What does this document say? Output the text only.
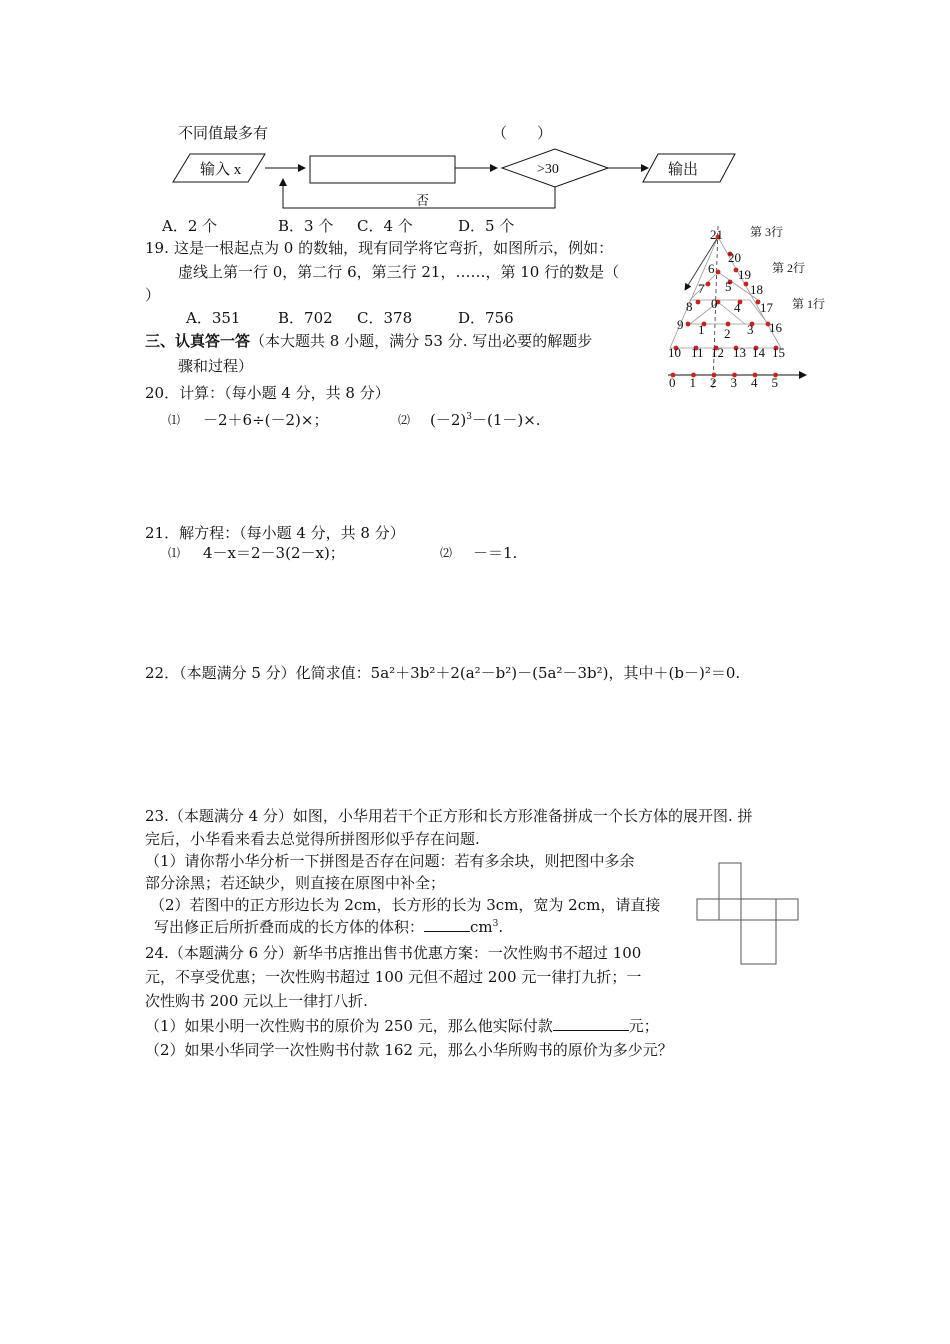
不同值最多有	（　　）
输入 x	>30	输出
否
A．2 个	B．3 个 C．4 个	D．5 个
19. 这是一根起点为 0 的数轴，现有同学将它弯折，如图所示，例如：
虚线上第一行 0，第二行 6，第三行 21，……，第 10 行的数是（
）
A．351	B．702 C．378	D．756
0
1 2 3
4
5
6
7
8
9
10 11 12 13 14 15
16
17
18
19
20
21
0 1 2 3 4 5
第 3行
第 2行
第 1行
三、认真答一答（本大题共 8 小题，满分 53 分. 写出必要的解题步
骤和过程）
20．计算：（每小题 4 分，共 8 分）
⑴ －2＋6÷(－2)×；	⑵ $(-2)^3-(1-)\times$.
21．解方程：（每小题 4 分，共 8 分）
⑴ 4－x＝2－3(2－x)；	⑵ －＝1.
22．（本题满分 5 分）化简求值：5a²＋3b²＋2(a²－b²)－(5a²－3b²)，其中＋(b－)²＝0.
23.（本题满分 4 分）如图，小华用若干个正方形和长方形准备拼成一个长方体的展开图. 拼
完后，小华看来看去总觉得所拼图形似乎存在问题.
（1）请你帮小华分析一下拼图是否存在问题：若有多余块，则把图中多余
部分涂黑；若还缺少，则直接在原图中补全；
（2）若图中的正方形边长为 2cm，长方形的长为 3cm，宽为 2cm，请直接
写出修正后所折叠而成的长方体的体积：	$cm^3$.
24.（本题满分 6 分）新华书店推出售书优惠方案：一次性购书不超过 100
元，不享受优惠；一次性购书超过 100 元但不超过 200 元一律打九折；一
次性购书 200 元以上一律打八折.
（1）如果小明一次性购书的原价为 250 元，那么他实际付款	元；
（2）如果小华同学一次性购书付款 162 元，那么小华所购书的原价为多少元？
